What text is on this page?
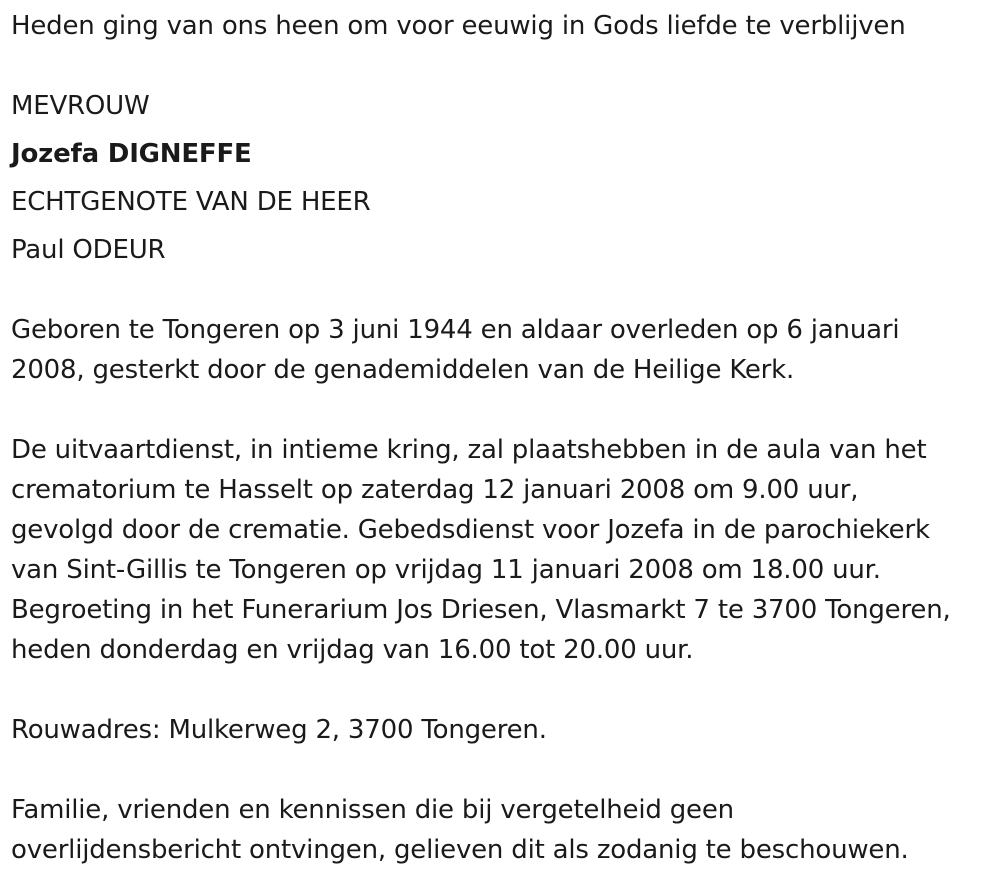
Heden ging van ons heen om voor eeuwig in Gods liefde te verblijven
MEVROUW
Jozefa DIGNEFFE
ECHTGENOTE VAN DE HEER
Paul ODEUR
Geboren te Tongeren op 3 juni 1944 en aldaar overleden op 6 januari
2008, gesterkt door de genademiddelen van de Heilige Kerk.
De uitvaartdienst, in intieme kring, zal plaatshebben in de aula van het
crematorium te Hasselt op zaterdag 12 januari 2008 om 9.00 uur,
gevolgd door de crematie. Gebedsdienst voor Jozefa in de parochiekerk
van Sint-Gillis te Tongeren op vrijdag 11 januari 2008 om 18.00 uur.
Begroeting in het Funerarium Jos Driesen, Vlasmarkt 7 te 3700 Tongeren,
heden donderdag en vrijdag van 16.00 tot 20.00 uur.
Rouwadres: Mulkerweg 2, 3700 Tongeren.
Familie, vrienden en kennissen die bij vergetelheid geen
overlijdensbericht ontvingen, gelieven dit als zodanig te beschouwen.
